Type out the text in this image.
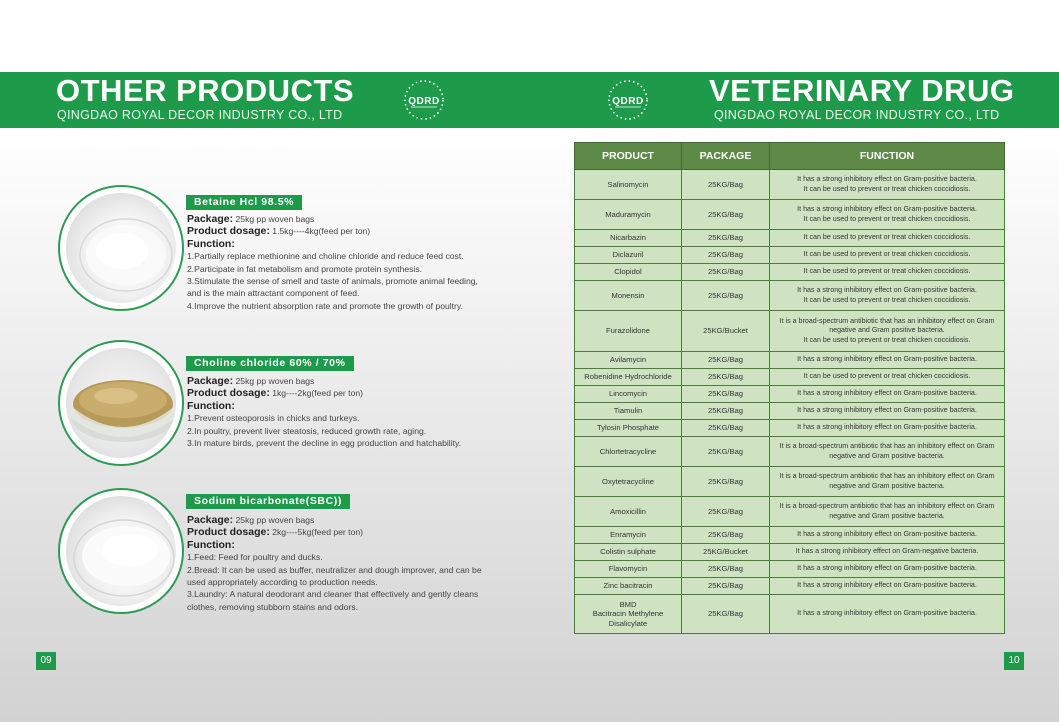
OTHER PRODUCTS
QINGDAO ROYAL DECOR INDUSTRY CO., LTD
QDRD	QDRD VETERINARY DRUG
QINGDAO ROYAL DECOR INDUSTRY CO., LTD
Betaine Hcl 98.5%
Package: 25kg pp woven bags
Product dosage: 1.5kg----4kg(feed per ton)
Function:
1.Partially replace methionine and choline chloride and reduce feed cost.
2.Participate in fat metabolism and promote protein synthesis.
3.Stimulate the sense of smell and taste of animals, promote animal feeding,
and is the main attractant component of feed.
4.Improve the nutrient absorption rate and promote the growth of poultry.
Choline chloride 60% / 70%
Package: 25kg pp woven bags
Product dosage: 1kg----2kg(feed per ton)
Function:
1.Prevent osteoporosis in chicks and turkeys.
2.In poultry, prevent liver steatosis, reduced growth rate, aging.
3.In mature birds, prevent the decline in egg production and hatchability.
Sodium bicarbonate(SBC))
Package: 25kg pp woven bags
Product dosage: 2kg----5kg(feed per ton)
Function:
1.Feed: Feed for poultry and ducks.
2.Bread: It can be used as buffer, neutralizer and dough improver, and can be
used appropriately according to production needs.
3.Laundry: A natural deodorant and cleaner that effectively and gently cleans
clothes, removing stubborn stains and odors.
09	10
PRODUCT	PACKAGE	FUNCTION
Salinomycin	25KG/Bag	It has a strong inhibitory effect on Gram-positive bacteria.
It can be used to prevent or treat chicken coccidiosis.
Maduramycin	25KG/Bag	It has a strong inhibitory effect on Gram-positive bacteria.
It can be used to prevent or treat chicken coccidiosis.
Nicarbazin	25KG/Bag	It can be used to prevent or treat chicken coccidiosis.
Diclazuril	25KG/Bag	It can be used to prevent or treat chicken coccidiosis.
Clopidol	25KG/Bag	It can be used to prevent or treat chicken coccidiosis.
Monensin	25KG/Bag	It has a strong inhibitory effect on Gram-positive bacteria.
It can be used to prevent or treat chicken coccidiosis.
Furazolidone	25KG/Bucket	It is a broad-spectrum antibiotic that has an inhibitory effect on Gram
negative and Gram positive bacteria.
It can be used to prevent or treat chicken coccidiosis.
Avilamycin	25KG/Bag	It has a strong inhibitory effect on Gram-positive bacteria.
Robenidine Hydrochloride	25KG/Bag	It can be used to prevent or treat chicken coccidiosis.
Lincomycin	25KG/Bag	It has a strong inhibitory effect on Gram-positive bacteria.
Tiamulin	25KG/Bag	It has a strong inhibitory effect on Gram-positive bacteria.
Tylosin Phosphate	25KG/Bag	It has a strong inhibitory effect on Gram-positive bacteria.
Chlortetracycline	25KG/Bag	It is a broad-spectrum antibiotic that has an inhibitory effect on Gram
negative and Gram positive bacteria.
Oxytetracycline	25KG/Bag	It is a broad-spectrum antibiotic that has an inhibitory effect on Gram
negative and Gram positive bacteria.
Amoxicillin	25KG/Bag	It is a broad-spectrum antibiotic that has an inhibitory effect on Gram
negative and Gram positive bacteria.
Enramycin	25KG/Bag	It has a strong inhibitory effect on Gram-positive bacteria.
Colistin sulphate	25KG/Bucket	It has a strong inhibitory effect on Gram-negative bacteria.
Flavomycin	25KG/Bag	It has a strong inhibitory effect on Gram-positive bacteria.
Zinc bacitracin	25KG/Bag	It has a strong inhibitory effect on Gram-positive bacteria.
BMD
Bacitracin Methylene
Disalicylate	25KG/Bag	It has a strong inhibitory effect on Gram-positive bacteria.
